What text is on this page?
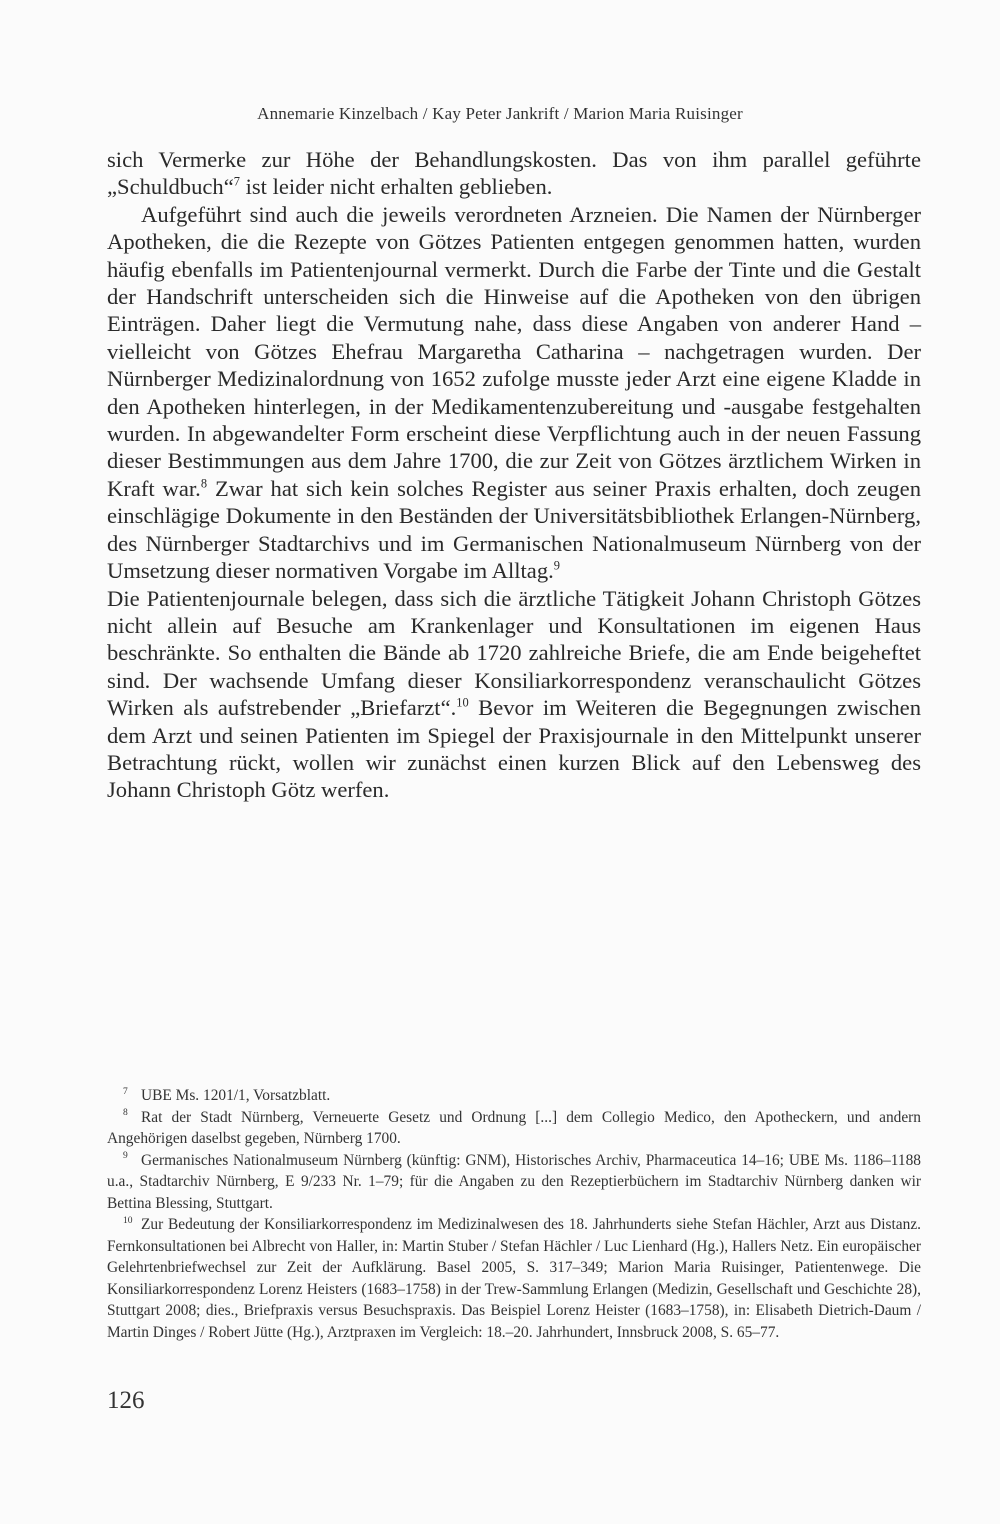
Annemarie Kinzelbach / Kay Peter Jankrift / Marion Maria Ruisinger

sich Vermerke zur Höhe der Behandlungskosten. Das von ihm parallel geführte „Schuldbuch“$^7$ ist leider nicht erhalten geblieben.

Aufgeführt sind auch die jeweils verordneten Arzneien. Die Namen der Nürnberger Apotheken, die die Rezepte von Götzes Patienten entgegen genommen hatten, wurden häufig ebenfalls im Patientenjournal vermerkt. Durch die Farbe der Tinte und die Gestalt der Handschrift unterscheiden sich die Hinweise auf die Apotheken von den übrigen Einträgen. Daher liegt die Vermutung nahe, dass diese Angaben von anderer Hand – vielleicht von Götzes Ehefrau Margaretha Catharina – nachgetragen wurden. Der Nürnberger Medizinalordnung von 1652 zufolge musste jeder Arzt eine eigene Kladde in den Apotheken hinterlegen, in der Medikamentenzubereitung und -ausgabe festgehalten wurden. In abgewandelter Form erscheint diese Verpflichtung auch in der neuen Fassung dieser Bestimmungen aus dem Jahre 1700, die zur Zeit von Götzes ärztlichem Wirken in Kraft war.$^8$ Zwar hat sich kein solches Register aus seiner Praxis erhalten, doch zeugen einschlägige Dokumente in den Beständen der Universitätsbibliothek Erlangen-Nürnberg, des Nürnberger Stadtarchivs und im Germanischen Nationalmuseum Nürnberg von der Umsetzung dieser normativen Vorgabe im Alltag.$^9$

Die Patientenjournale belegen, dass sich die ärztliche Tätigkeit Johann Christoph Götzes nicht allein auf Besuche am Krankenlager und Konsultationen im eigenen Haus beschränkte. So enthalten die Bände ab 1720 zahlreiche Briefe, die am Ende beigeheftet sind. Der wachsende Umfang dieser Konsiliarkorrespondenz veranschaulicht Götzes Wirken als aufstrebender „Briefarzt“.$^{10}$ Bevor im Weiteren die Begegnungen zwischen dem Arzt und seinen Patienten im Spiegel der Praxisjournale in den Mittelpunkt unserer Betrachtung rückt, wollen wir zunächst einen kurzen Blick auf den Lebensweg des Johann Christoph Götz werfen.

7 UBE Ms. 1201/1, Vorsatzblatt.

8 Rat der Stadt Nürnberg, Verneuerte Gesetz und Ordnung [...] dem Collegio Medico, den Apotheckern, und andern Angehörigen daselbst gegeben, Nürnberg 1700.

9 Germanisches Nationalmuseum Nürnberg (künftig: GNM), Historisches Archiv, Pharmaceutica 14–16; UBE Ms. 1186–1188 u.a., Stadtarchiv Nürnberg, E 9/233 Nr. 1–79; für die Angaben zu den Rezeptierbüchern im Stadtarchiv Nürnberg danken wir Bettina Blessing, Stuttgart.

10 Zur Bedeutung der Konsiliarkorrespondenz im Medizinalwesen des 18. Jahrhunderts siehe Stefan Hächler, Arzt aus Distanz. Fernkonsultationen bei Albrecht von Haller, in: Martin Stuber / Stefan Hächler / Luc Lienhard (Hg.), Hallers Netz. Ein europäischer Gelehrtenbriefwechsel zur Zeit der Aufklärung. Basel 2005, S. 317–349; Marion Maria Ruisinger, Patientenwege. Die Konsiliarkorrespondenz Lorenz Heisters (1683–1758) in der Trew-Sammlung Erlangen (Medizin, Gesellschaft und Geschichte 28), Stuttgart 2008; dies., Briefpraxis versus Besuchspraxis. Das Beispiel Lorenz Heister (1683–1758), in: Elisabeth Dietrich-Daum / Martin Dinges / Robert Jütte (Hg.), Arztpraxen im Vergleich: 18.–20. Jahrhundert, Innsbruck 2008, S. 65–77.

126
